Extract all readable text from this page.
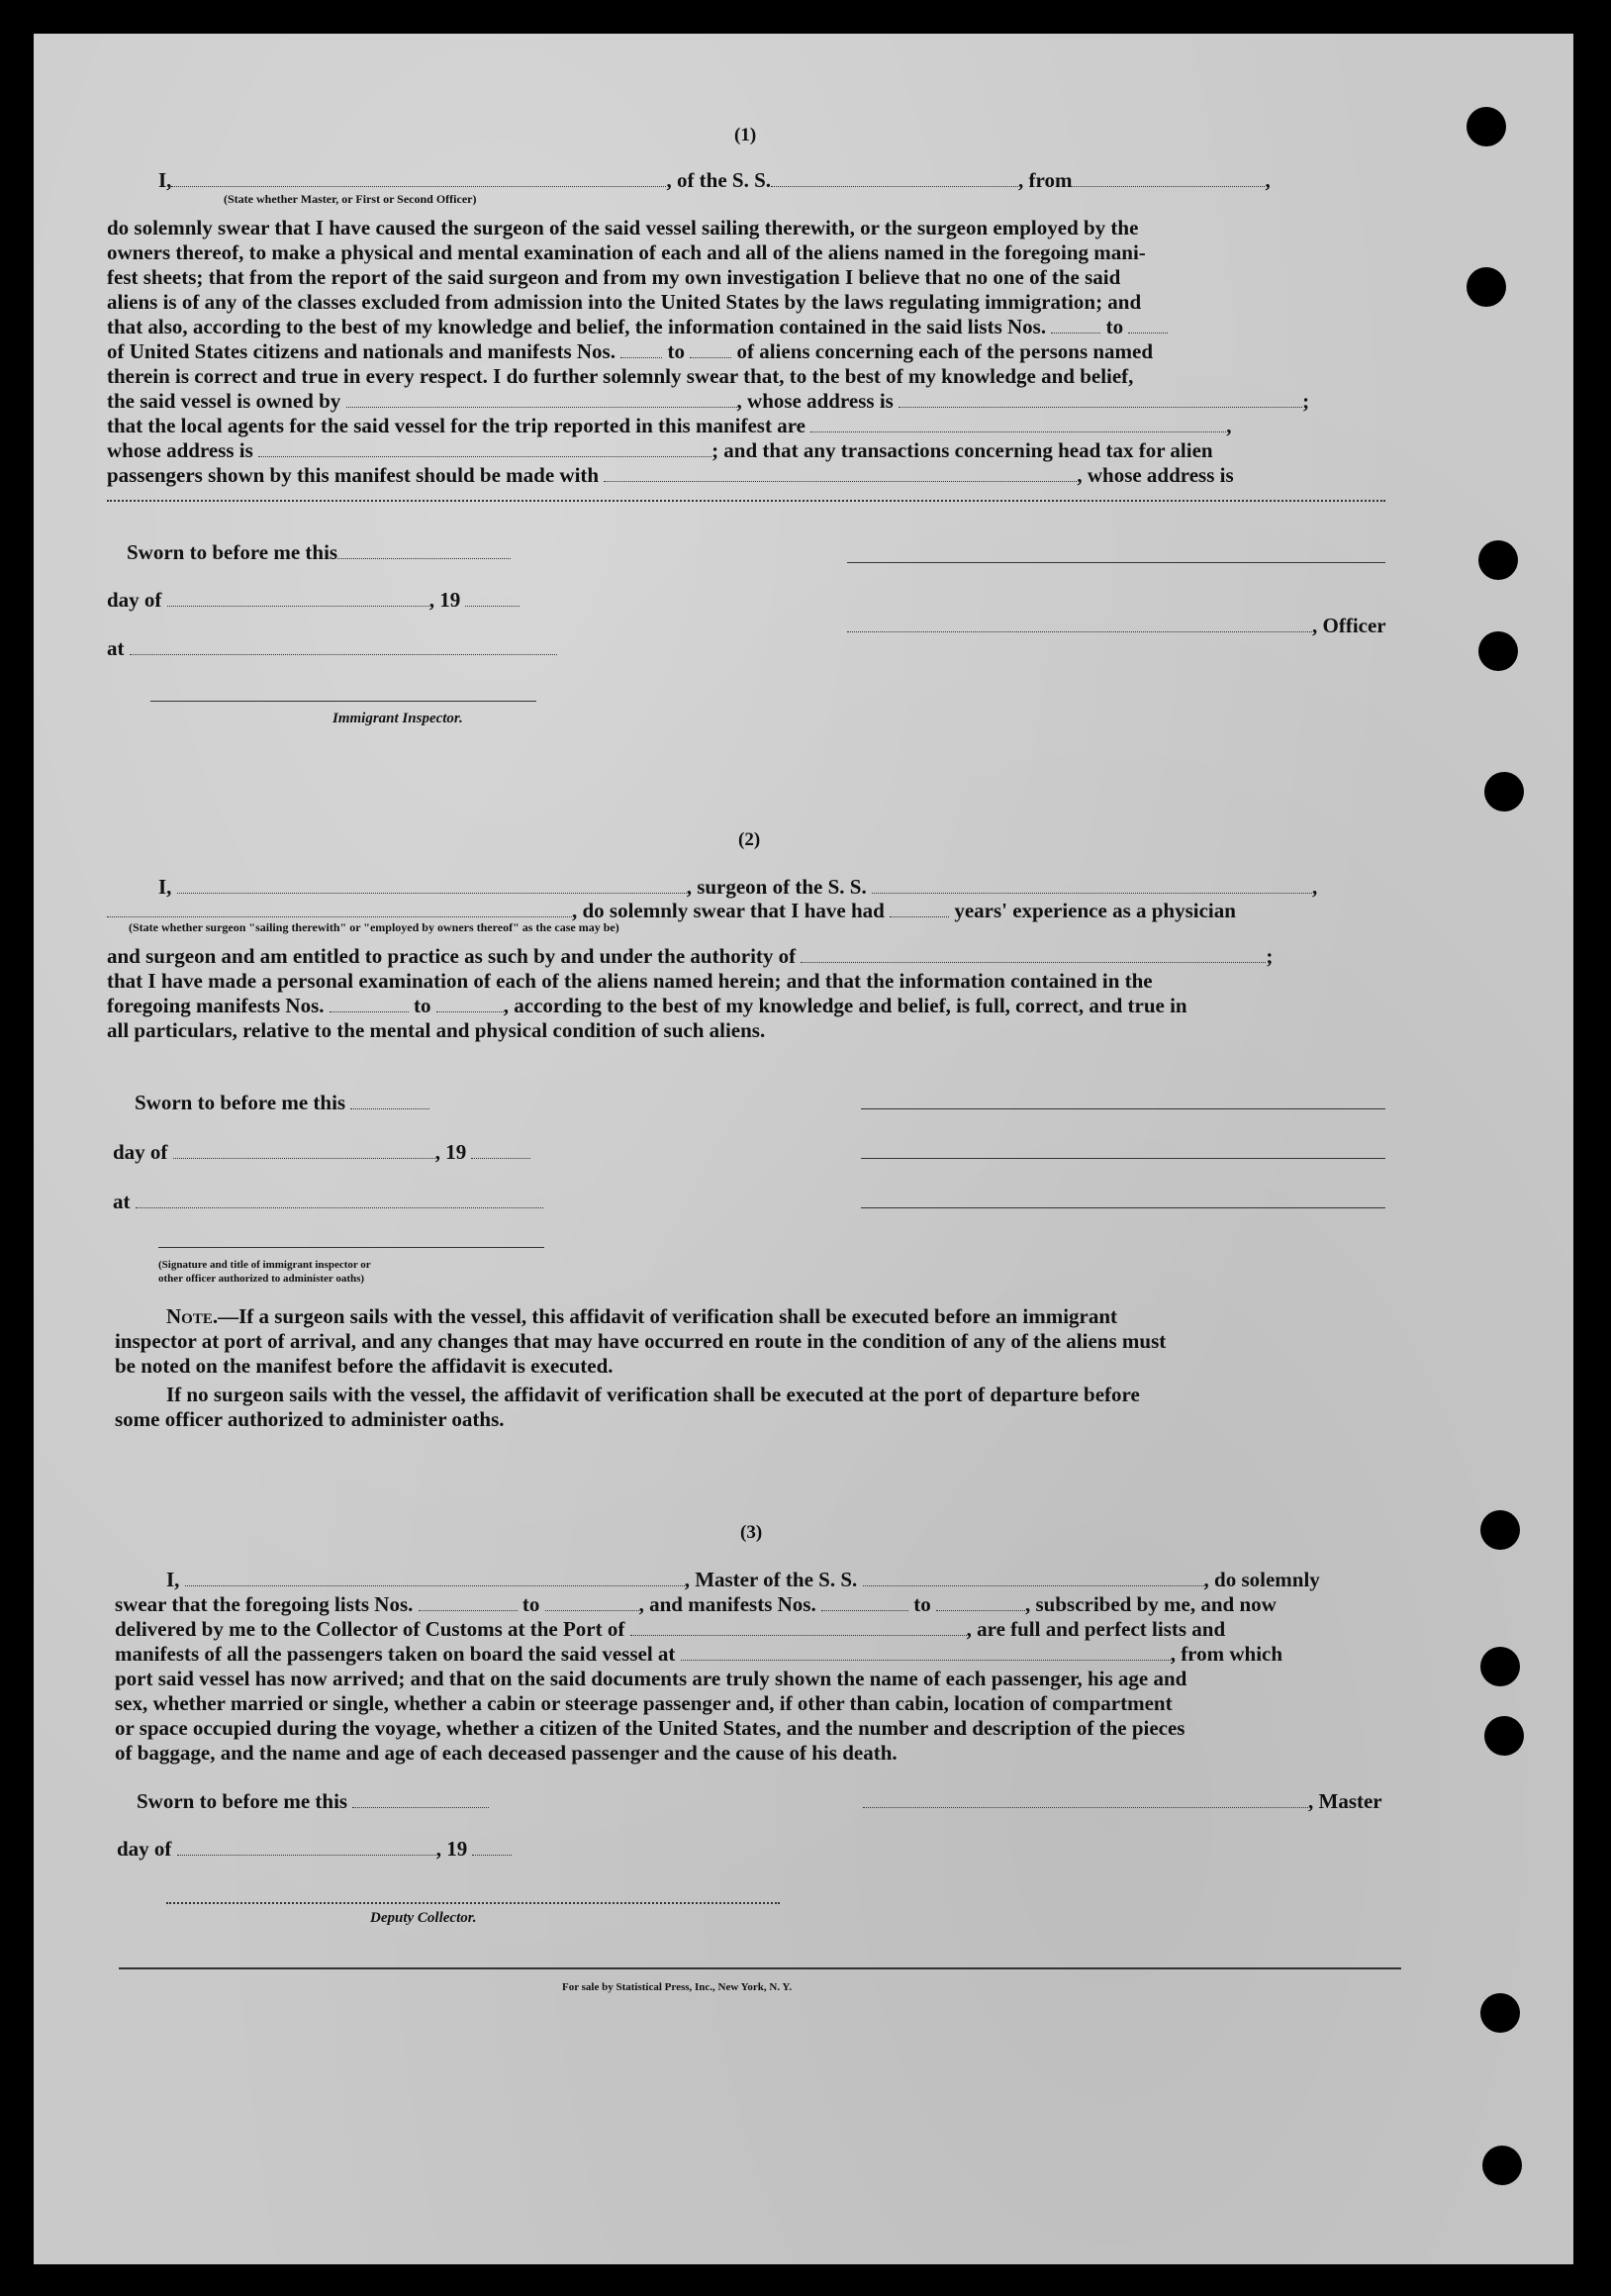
(1)
I,	, of the S. S.	, from	,
(State whether Master, or First or Second Officer)
do solemnly swear that I have caused the surgeon of the said vessel sailing therewith, or the surgeon employed by the
owners thereof, to make a physical and mental examination of each and all of the aliens named in the foregoing mani-
fest sheets; that from the report of the said surgeon and from my own investigation I believe that no one of the said
aliens is of any of the classes excluded from admission into the United States by the laws regulating immigration; and
that also, according to the best of my knowledge and belief, the information contained in the said lists Nos.	to
of United States citizens and nationals and manifests Nos.	to	of aliens concerning each of the persons named
therein is correct and true in every respect. I do further solemnly swear that, to the best of my knowledge and belief,
the said vessel is owned by	, whose address is	;
that the local agents for the said vessel for the trip reported in this manifest are	,
whose address is	; and that any transactions concerning head tax for alien
passengers shown by this manifest should be made with	, whose address is
Sworn to before me this
day of	, 19
, Officer
at
Immigrant Inspector.
(2)
I,	, surgeon of the S. S.	,
, do solemnly swear that I have had	years' experience as a physician
(State whether surgeon "sailing therewith" or "employed by owners thereof" as the case may be)
and surgeon and am entitled to practice as such by and under the authority of	;
that I have made a personal examination of each of the aliens named herein; and that the information contained in the
foregoing manifests Nos.	to	, according to the best of my knowledge and belief, is full, correct, and true in
all particulars, relative to the mental and physical condition of such aliens.
Sworn to before me this
day of	, 19
at
(Signature and title of immigrant inspector or
other officer authorized to administer oaths)
Note.—If a surgeon sails with the vessel, this affidavit of verification shall be executed before an immigrant
inspector at port of arrival, and any changes that may have occurred en route in the condition of any of the aliens must
be noted on the manifest before the affidavit is executed.
If no surgeon sails with the vessel, the affidavit of verification shall be executed at the port of departure before
some officer authorized to administer oaths.
(3)
I,	, Master of the S. S.	, do solemnly
swear that the foregoing lists Nos.	to	, and manifests Nos.	to	, subscribed by me, and now
delivered by me to the Collector of Customs at the Port of	, are full and perfect lists and
manifests of all the passengers taken on board the said vessel at	, from which
port said vessel has now arrived; and that on the said documents are truly shown the name of each passenger, his age and
sex, whether married or single, whether a cabin or steerage passenger and, if other than cabin, location of compartment
or space occupied during the voyage, whether a citizen of the United States, and the number and description of the pieces
of baggage, and the name and age of each deceased passenger and the cause of his death.
Sworn to before me this	, Master
day of	, 19
Deputy Collector.
For sale by Statistical Press, Inc., New York, N. Y.
